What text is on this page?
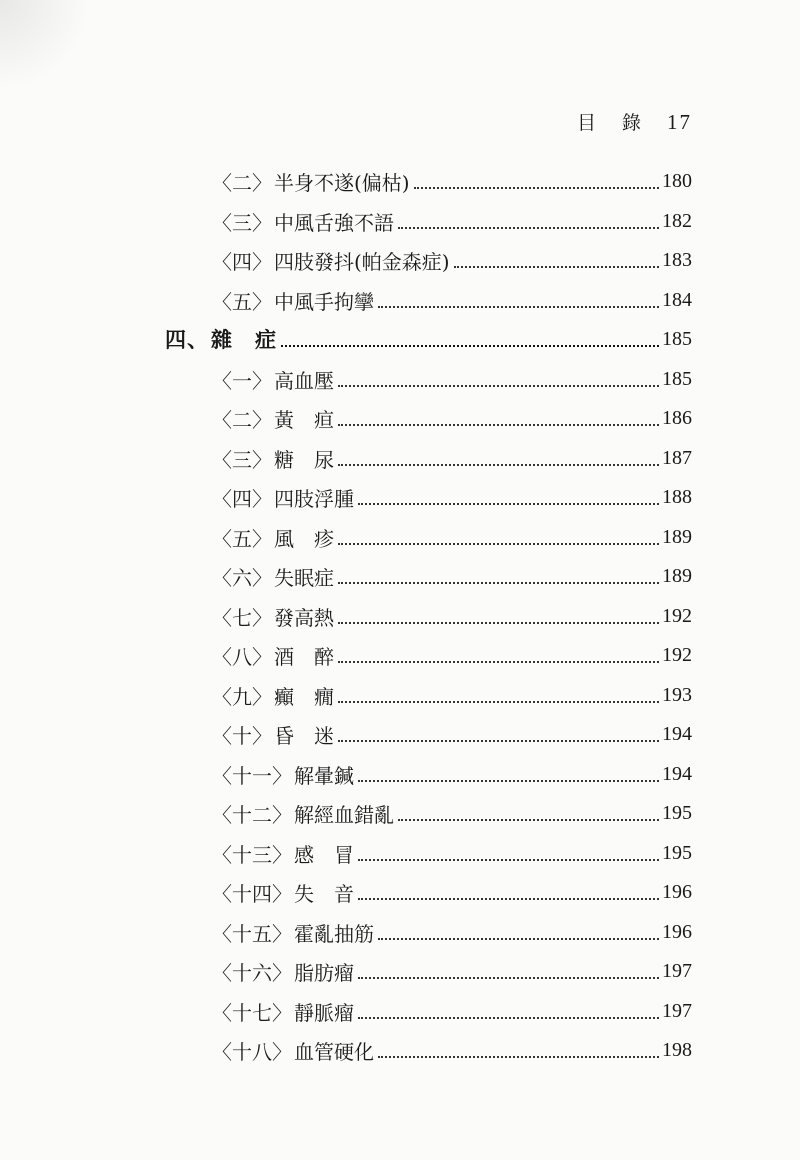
目 錄 17
〈二〉 半身不遂(偏枯)	180
〈三〉 中風舌強不語	182
〈四〉 四肢發抖(帕金森症)	183
〈五〉 中風手拘攣	184
四、 雜　症	185
〈一〉 高血壓	185
〈二〉 黃　疸	186
〈三〉 糖　尿	187
〈四〉 四肢浮腫	188
〈五〉 風　疹	189
〈六〉 失眠症	189
〈七〉 發高熱	192
〈八〉 酒　醉	192
〈九〉 癲　癇	193
〈十〉 昏　迷	194
〈十一〉 解暈鍼	194
〈十二〉 解經血錯亂	195
〈十三〉 感　冒	195
〈十四〉 失　音	196
〈十五〉 霍亂抽筋	196
〈十六〉 脂肪瘤	197
〈十七〉 靜脈瘤	197
〈十八〉 血管硬化	198
